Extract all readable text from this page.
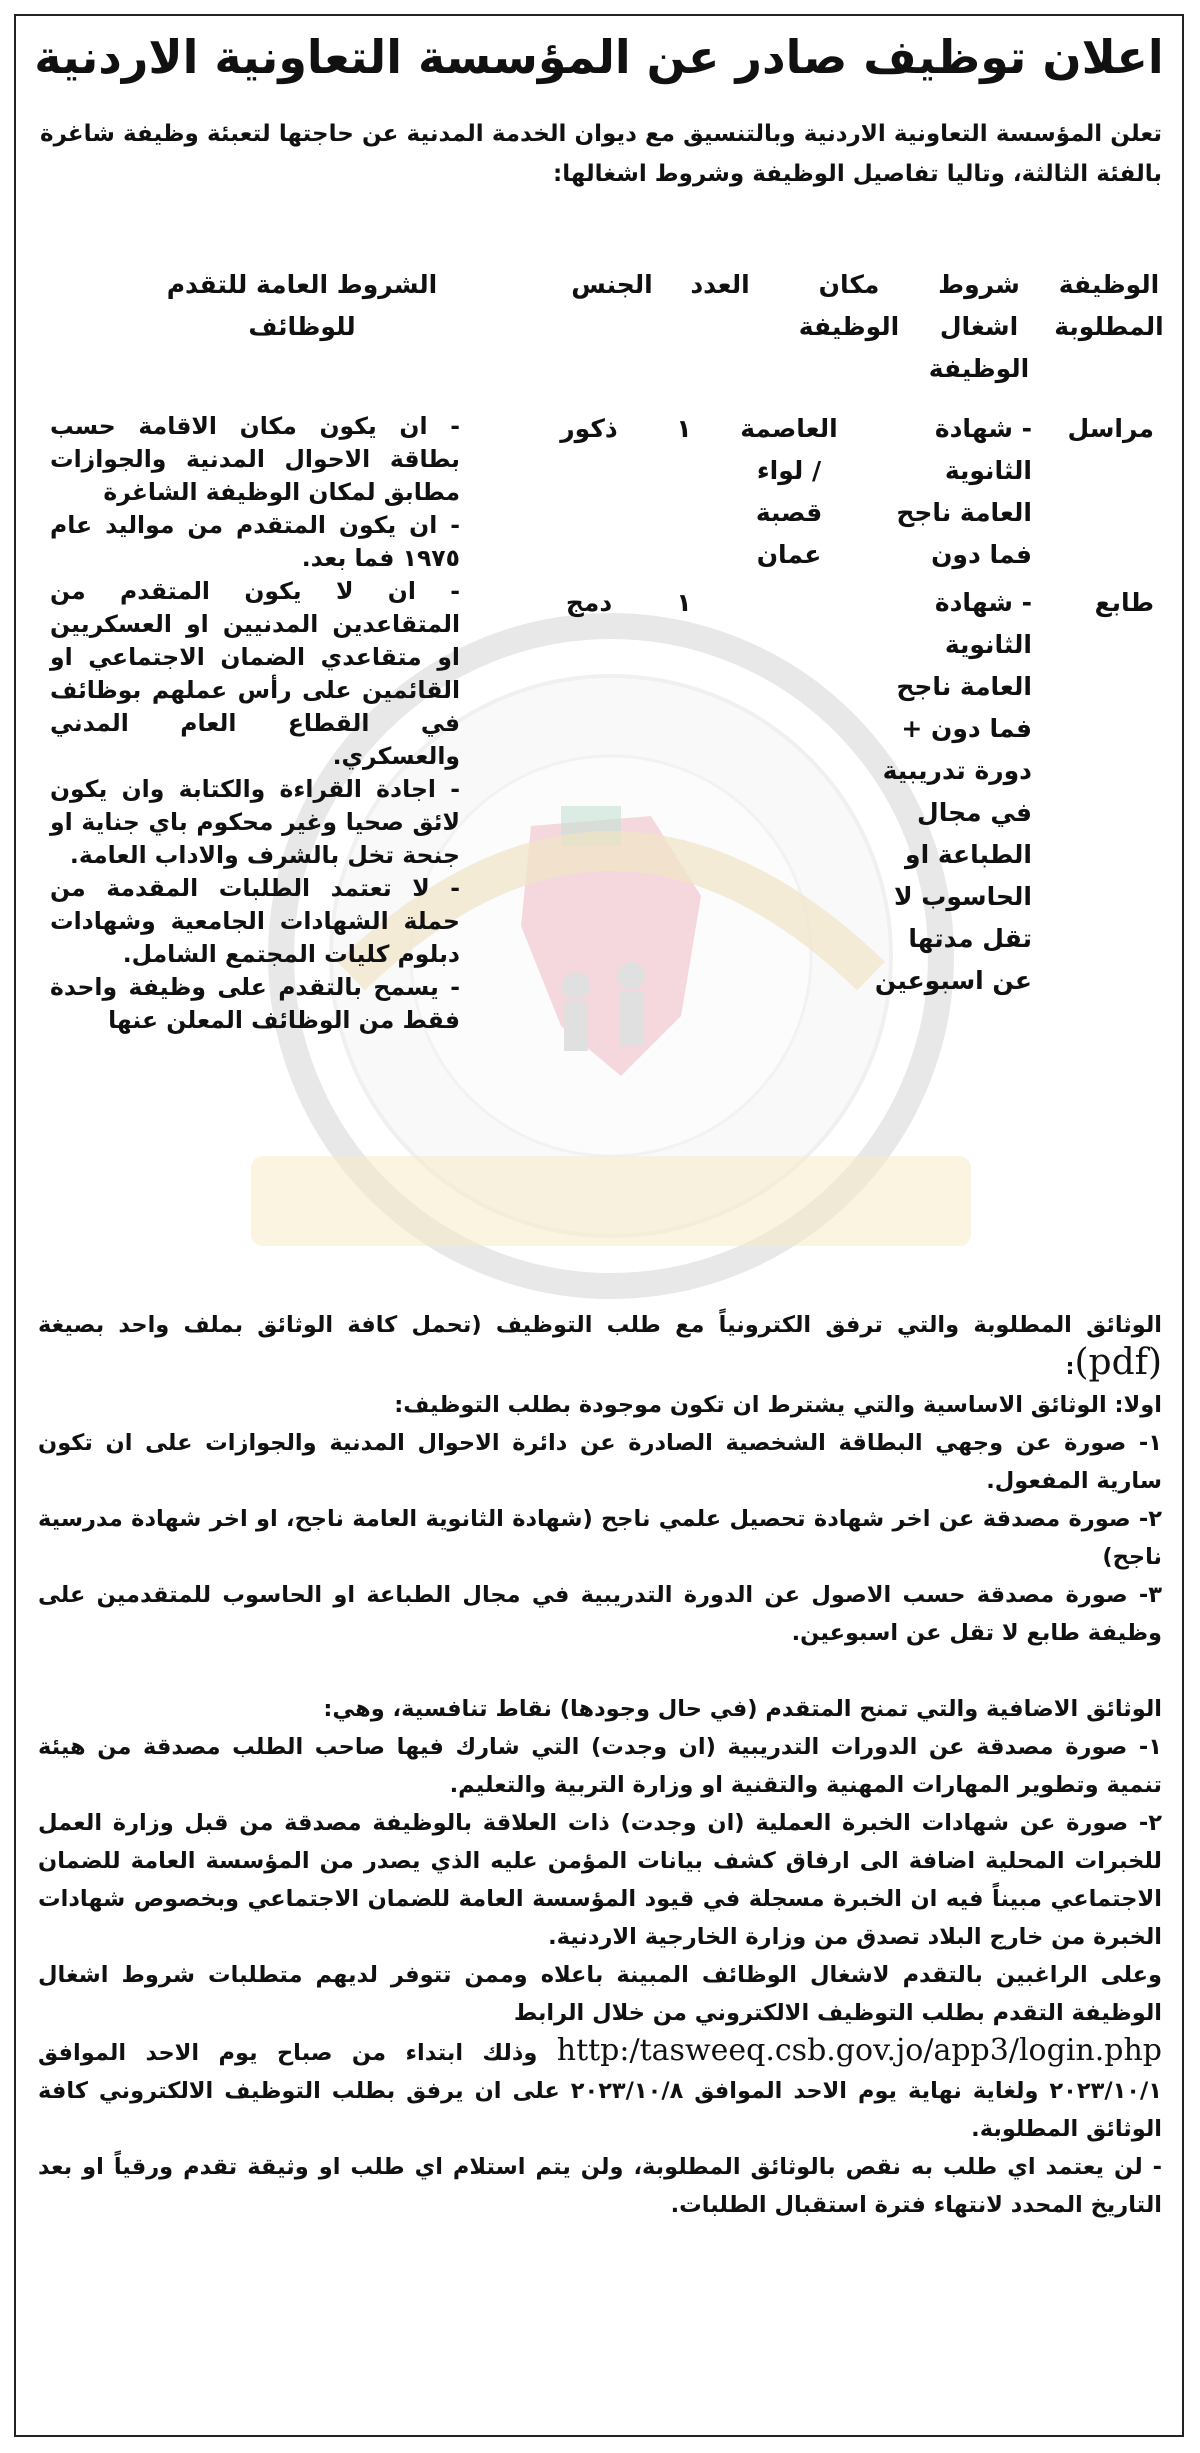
اعلان توظيف صادر عن المؤسسة التعاونية الاردنية
تعلن المؤسسة التعاونية الاردنية وبالتنسيق مع ديوان الخدمة المدنية عن حاجتها لتعبئة وظيفة شاغرة بالفئة الثالثة، وتاليا تفاصيل الوظيفة وشروط اشغالها:
الوظيفة المطلوبة
شروط اشغال الوظيفة
مكان الوظيفة
العدد
الجنس
الشروط العامة للتقدم للوظائف
مراسل
- شهادة الثانوية العامة ناجح فما دون
العاصمة / لواء قصبة عمان
١
ذكور
طابع
- شهادة الثانوية العامة ناجح فما دون + دورة تدريبية في مجال الطباعة او الحاسوب لا تقل مدتها عن اسبوعين
١
دمج

- ان يكون مكان الاقامة حسب بطاقة الاحوال المدنية والجوازات مطابق لمكان الوظيفة الشاغرة

- ان يكون المتقدم من مواليد عام ١٩٧٥ فما بعد.

- ان لا يكون المتقدم من المتقاعدين المدنيين او العسكريين او متقاعدي الضمان الاجتماعي او القائمين على رأس عملهم بوظائف في القطاع العام المدني والعسكري.

- اجادة القراءة والكتابة وان يكون لائق صحيا وغير محكوم باي جناية او جنحة تخل بالشرف والاداب العامة.

- لا تعتمد الطلبات المقدمة من حملة الشهادات الجامعية وشهادات دبلوم كليات المجتمع الشامل.

- يسمح بالتقدم على وظيفة واحدة فقط من الوظائف المعلن عنها

الوثائق المطلوبة والتي ترفق الكترونياً مع طلب التوظيف (تحمل كافة الوثائق بملف واحد بصيغة (pdf):

اولا: الوثائق الاساسية والتي يشترط ان تكون موجودة بطلب التوظيف:

١- صورة عن وجهي البطاقة الشخصية الصادرة عن دائرة الاحوال المدنية والجوازات على ان تكون سارية المفعول.

٢- صورة مصدقة عن اخر شهادة تحصيل علمي ناجح (شهادة الثانوية العامة ناجح، او اخر شهادة مدرسية ناجح)

٣- صورة مصدقة حسب الاصول عن الدورة التدريبية في مجال الطباعة او الحاسوب للمتقدمين على وظيفة طابع لا تقل عن اسبوعين.

الوثائق الاضافية والتي تمنح المتقدم (في حال وجودها) نقاط تنافسية، وهي:

١- صورة مصدقة عن الدورات التدريبية (ان وجدت) التي شارك فيها صاحب الطلب مصدقة من هيئة تنمية وتطوير المهارات المهنية والتقنية او وزارة التربية والتعليم.

٢- صورة عن شهادات الخبرة العملية (ان وجدت) ذات العلاقة بالوظيفة مصدقة من قبل وزارة العمل للخبرات المحلية اضافة الى ارفاق كشف بيانات المؤمن عليه الذي يصدر من المؤسسة العامة للضمان الاجتماعي مبيناً فيه ان الخبرة مسجلة في قيود المؤسسة العامة للضمان الاجتماعي وبخصوص شهادات الخبرة من خارج البلاد تصدق من وزارة الخارجية الاردنية.

وعلى الراغبين بالتقدم لاشغال الوظائف المبينة باعلاه وممن تتوفر لديهم متطلبات شروط اشغال الوظيفة التقدم بطلب التوظيف الالكتروني من خلال الرابط

http:/tasweeq.csb.gov.jo/app3/login.php وذلك ابتداء من صباح يوم الاحد الموافق ٢٠٢٣/١٠/١ ولغاية نهاية يوم الاحد الموافق ٢٠٢٣/١٠/٨ على ان يرفق بطلب التوظيف الالكتروني كافة الوثائق المطلوبة.

- لن يعتمد اي طلب به نقص بالوثائق المطلوبة، ولن يتم استلام اي طلب او وثيقة تقدم ورقياً او بعد التاريخ المحدد لانتهاء فترة استقبال الطلبات.
